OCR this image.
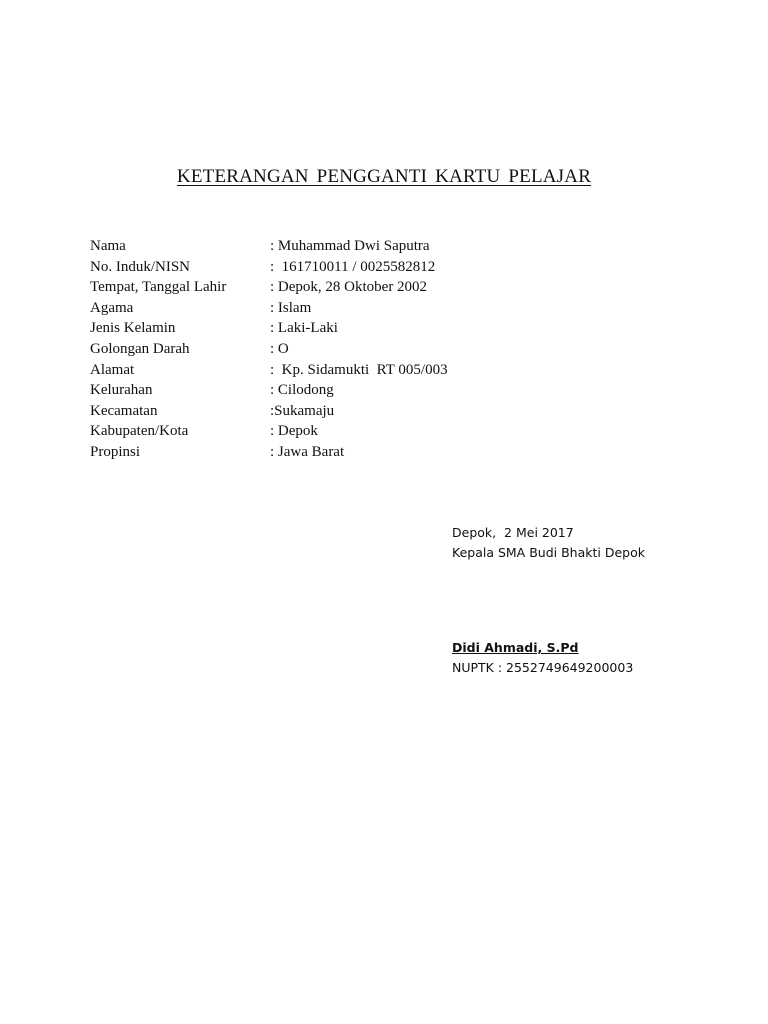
KETERANGAN PENGGANTI KARTU PELAJAR
Nama	: Muhammad Dwi Saputra
No. Induk/NISN	:  161710011 / 0025582812
Tempat, Tanggal Lahir	: Depok, 28 Oktober 2002
Agama	: Islam
Jenis Kelamin	: Laki-Laki
Golongan Darah	: O
Alamat	:  Kp. Sidamukti  RT 005/003
Kelurahan	: Cilodong
Kecamatan	:Sukamaju
Kabupaten/Kota	: Depok
Propinsi	: Jawa Barat
Depok,  2 Mei 2017
Kepala SMA Budi Bhakti Depok
Didi Ahmadi, S.Pd
NUPTK : 2552749649200003
